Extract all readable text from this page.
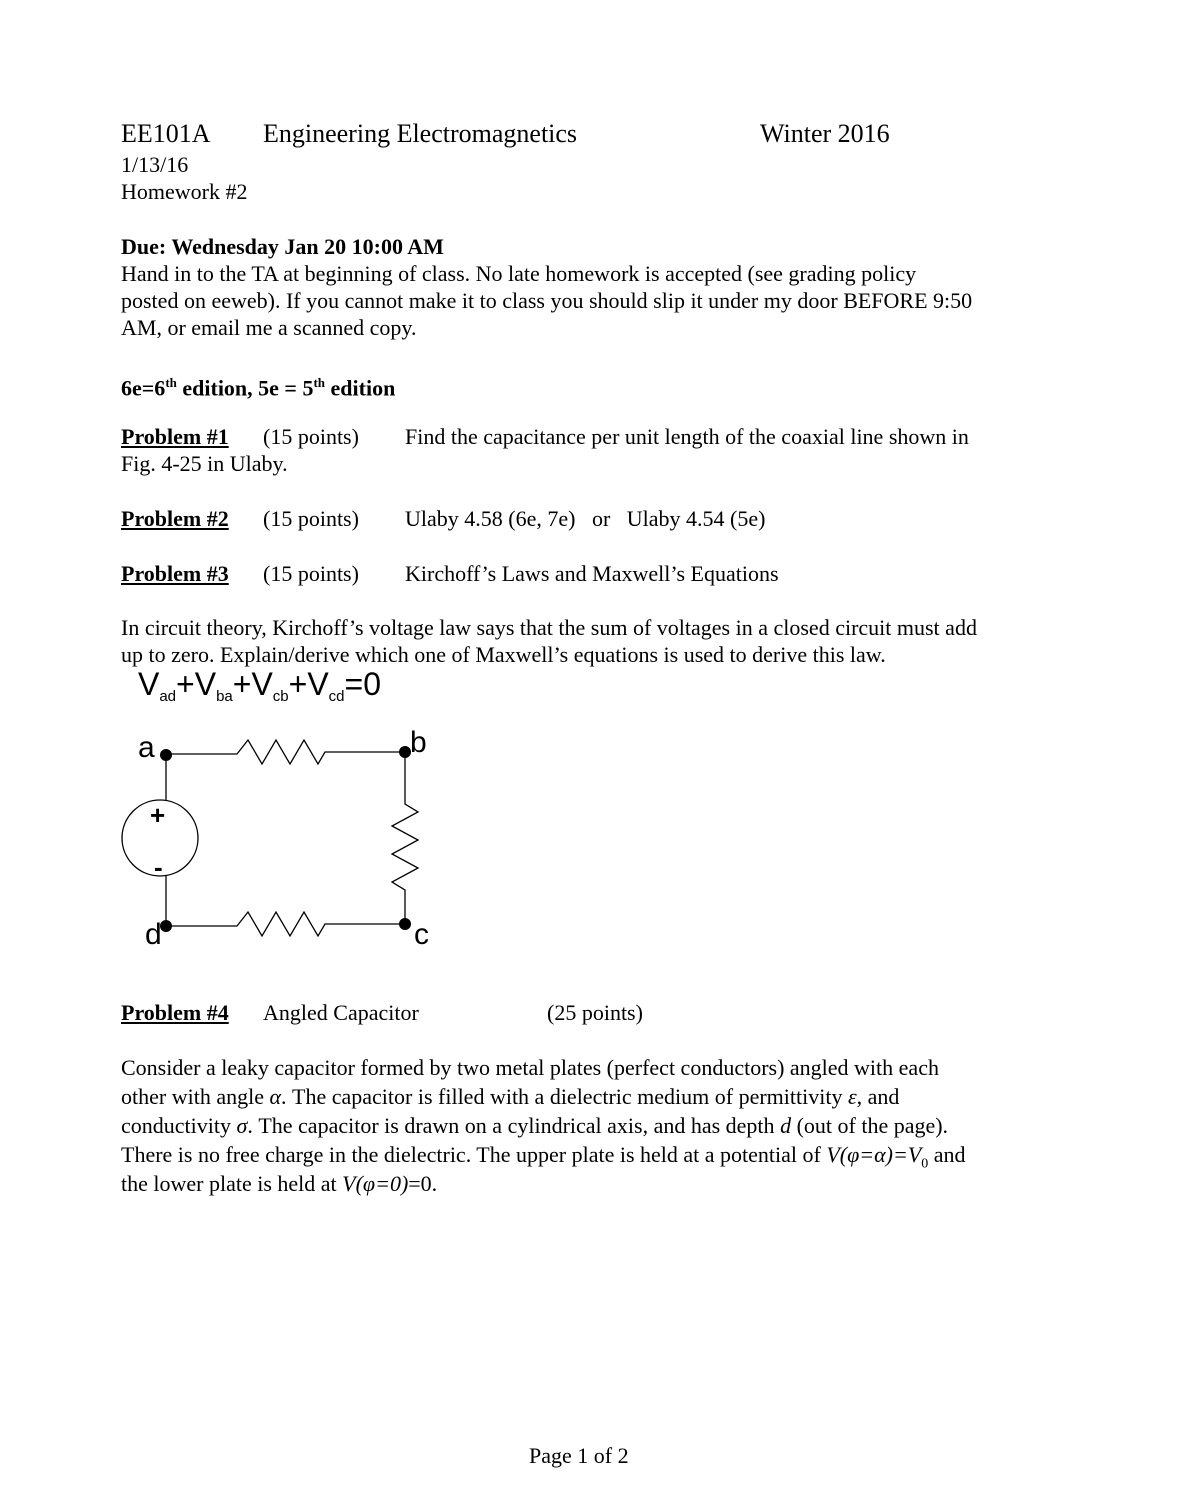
EE101A Engineering Electromagnetics	Winter 2016
1/13/16
Homework #2
Due: Wednesday Jan 20 10:00 AM
Hand in to the TA at beginning of class. No late homework is accepted (see grading policy
posted on eeweb). If you cannot make it to class you should slip it under my door BEFORE 9:50
AM, or email me a scanned copy.
6e=6th edition, 5e = 5th edition
Problem #1 (15 points) Find the capacitance per unit length of the coaxial line shown in
Fig. 4-25 in Ulaby.
Problem #2 (15 points) Ulaby 4.58 (6e, 7e)   or   Ulaby 4.54 (5e)
Problem #3 (15 points) Kirchoff’s Laws and Maxwell’s Equations
In circuit theory, Kirchoff’s voltage law says that the sum of voltages in a closed circuit must add
up to zero. Explain/derive which one of Maxwell’s equations is used to derive this law.
$V_{ad}+V_{ba}+V_{cb}+V_{cd}=0$
a	b
c
d
+
-
Problem #4 Angled Capacitor	(25 points)
Consider a leaky capacitor formed by two metal plates (perfect conductors) angled with each
other with angle α. The capacitor is filled with a dielectric medium of permittivity ε, and
conductivity σ. The capacitor is drawn on a cylindrical axis, and has depth d (out of the page).
There is no free charge in the dielectric. The upper plate is held at a potential of $V(\varphi=\alpha)=V_0$ and
the lower plate is held at V(φ=0)=0.
Page 1 of 2
